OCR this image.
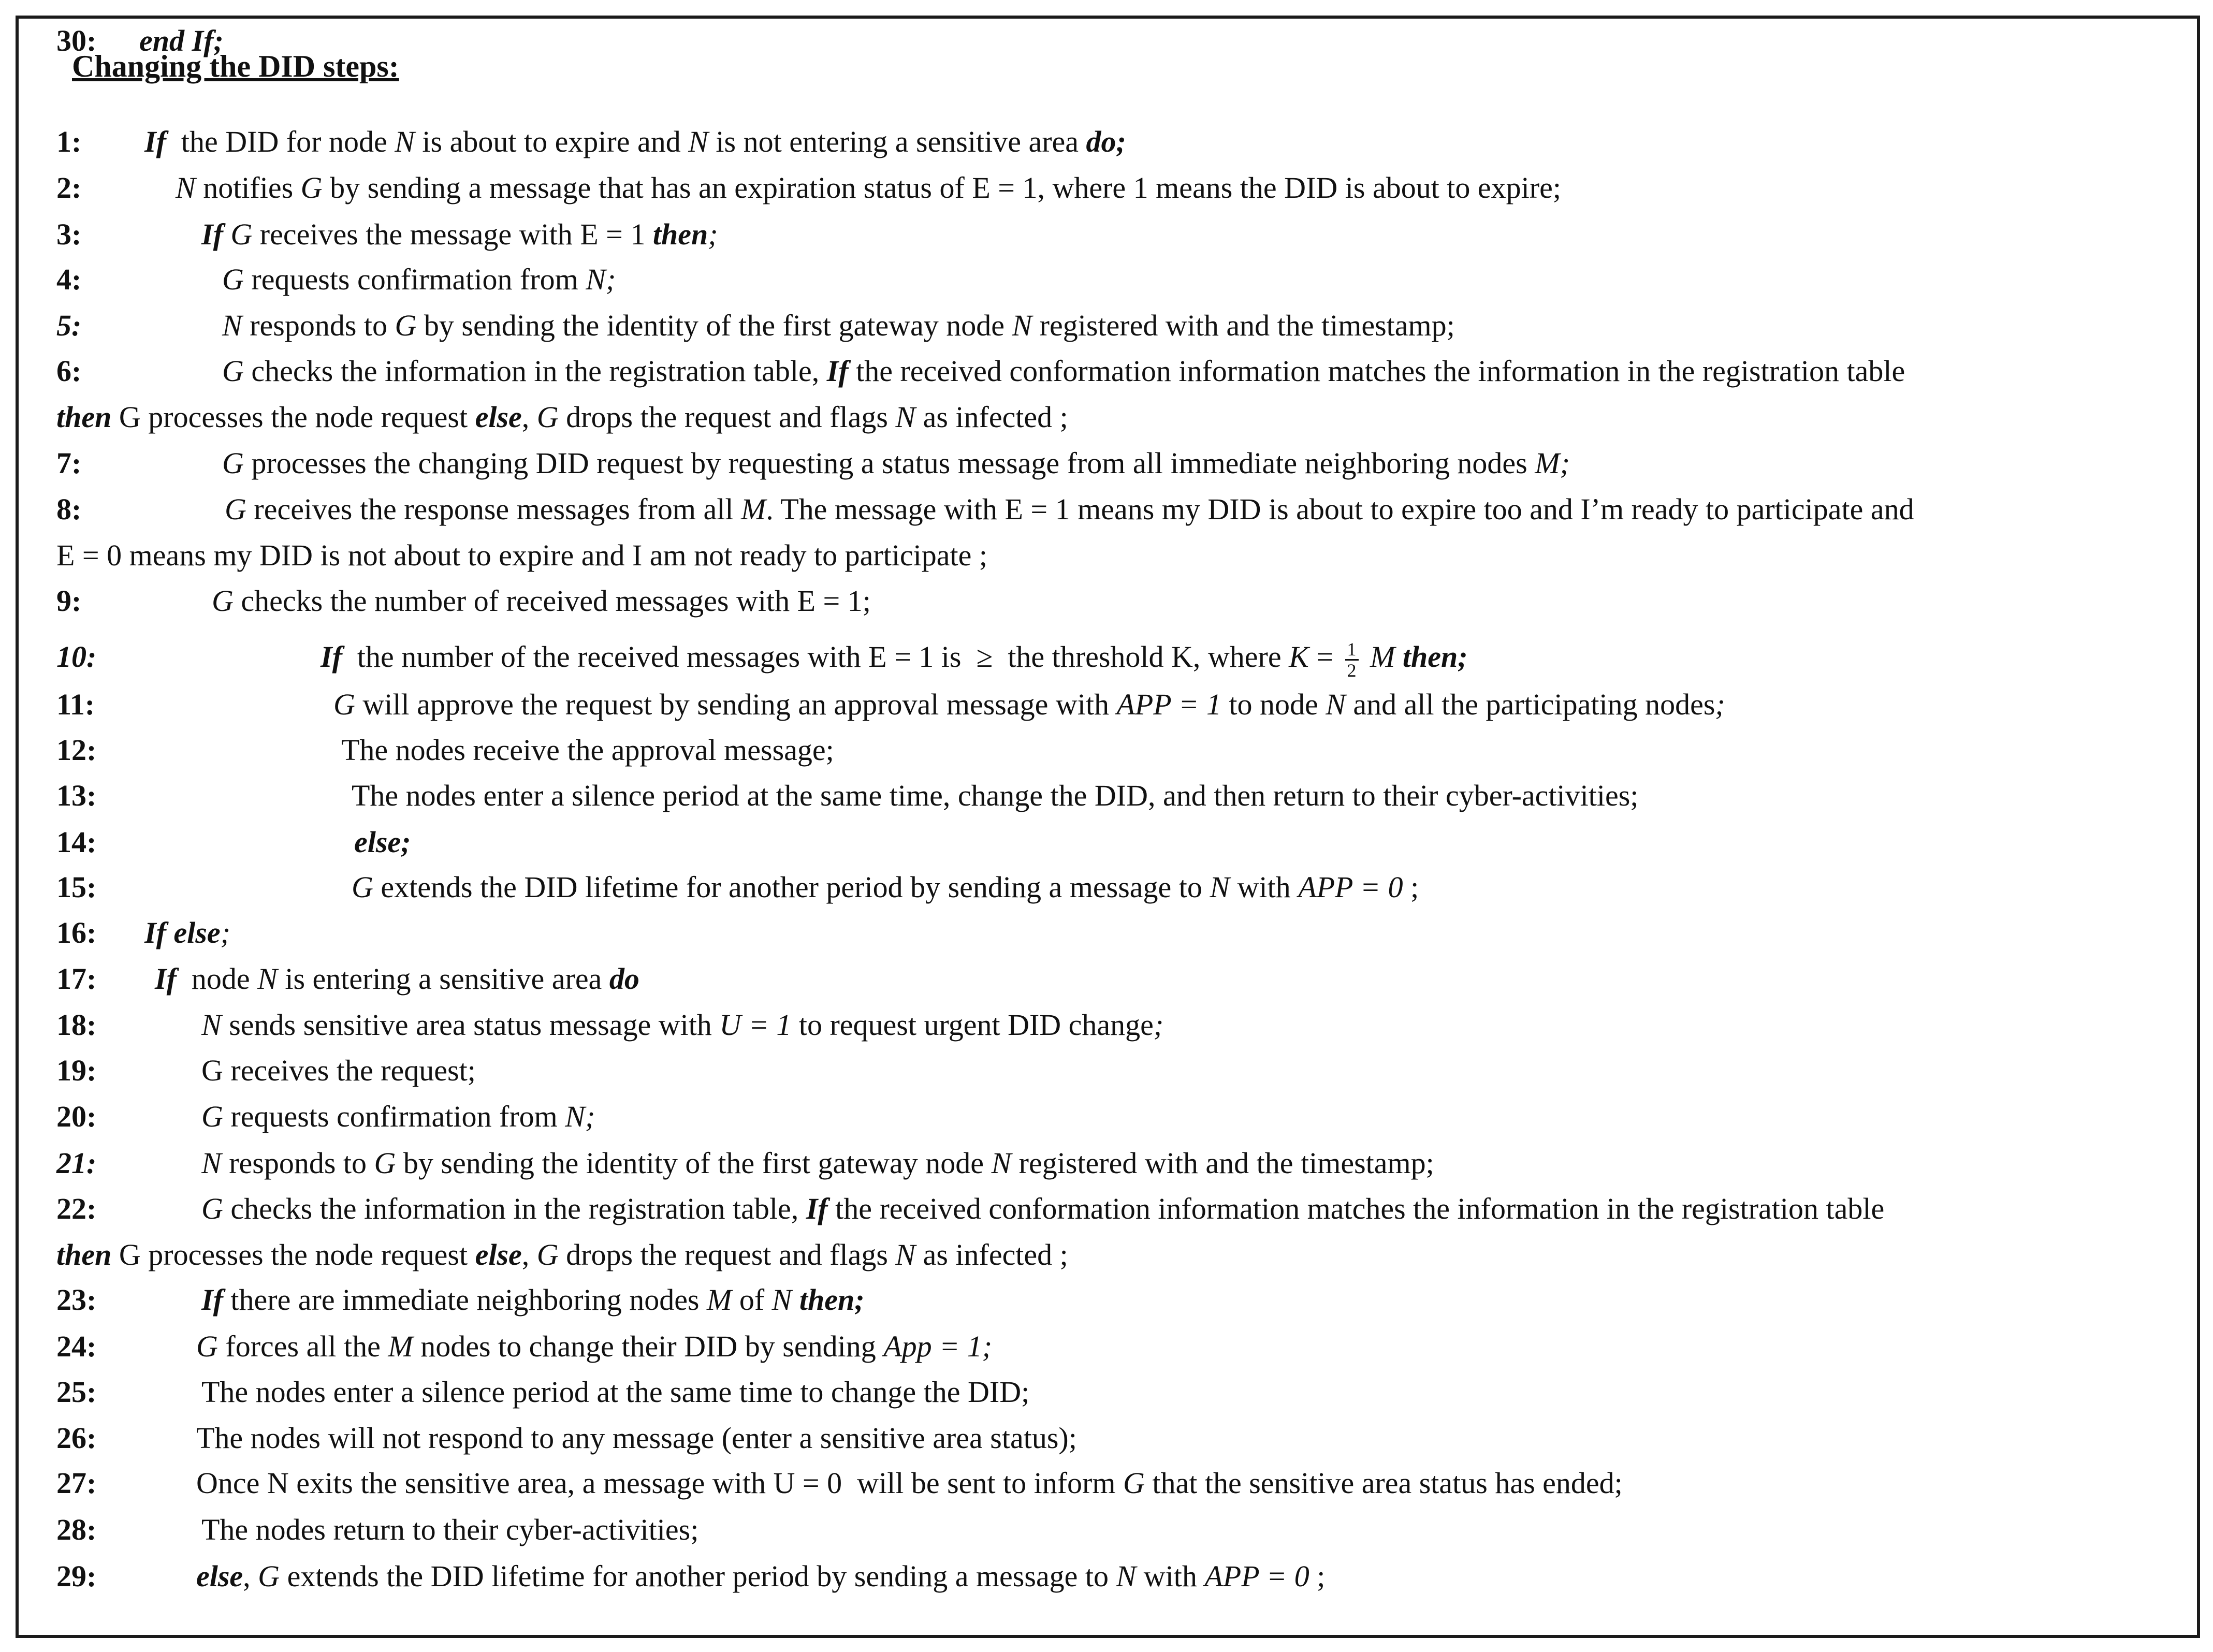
Changing the DID steps:
1: If  the DID for node N is about to expire and N is not entering a sensitive area do;
2:	N notifies G by sending a message that has an expiration status of E = 1, where 1 means the DID is about to expire;
3:	If G receives the message with E = 1 then;
4:	G requests confirmation from N;
5:	N responds to G by sending the identity of the first gateway node N registered with and the timestamp;
6:	G checks the information in the registration table, If the received conformation information matches the information in the registration table
then G processes the node request else, G drops the request and flags N as infected ;
7:	G processes the changing DID request by requesting a status message from all immediate neighboring nodes M;
8:	G receives the response messages from all M. The message with E = 1 means my DID is about to expire too and I’m ready to participate and
E = 0 means my DID is not about to expire and I am not ready to participate ;
9:	G checks the number of received messages with E = 1;
10:	If  the number of the received messages with E = 1 is  ≥  the threshold K, where $K = \frac{1}{2}$ M then;
11:	G will approve the request by sending an approval message with APP = 1 to node N and all the participating nodes;
12:	The nodes receive the approval message;
13:	The nodes enter a silence period at the same time, change the DID, and then return to their cyber-activities;
14:	else;
15:	G extends the DID lifetime for another period by sending a message to N with APP = 0 ;
16: If else;
17: If  node N is entering a sensitive area do
18:	N sends sensitive area status message with U = 1 to request urgent DID change;
19:	G receives the request;
20:	G requests confirmation from N;
21:	N responds to G by sending the identity of the first gateway node N registered with and the timestamp;
22:	G checks the information in the registration table, If the received conformation information matches the information in the registration table
then G processes the node request else, G drops the request and flags N as infected ;
23:	If there are immediate neighboring nodes M of N then;
24:	G forces all the M nodes to change their DID by sending App = 1;
25:	The nodes enter a silence period at the same time to change the DID;
26:	The nodes will not respond to any message (enter a sensitive area status);
27:	Once N exits the sensitive area, a message with U = 0  will be sent to inform G that the sensitive area status has ended;
28:	The nodes return to their cyber-activities;
29:	else, G extends the DID lifetime for another period by sending a message to N with APP = 0 ;
30: end If;
